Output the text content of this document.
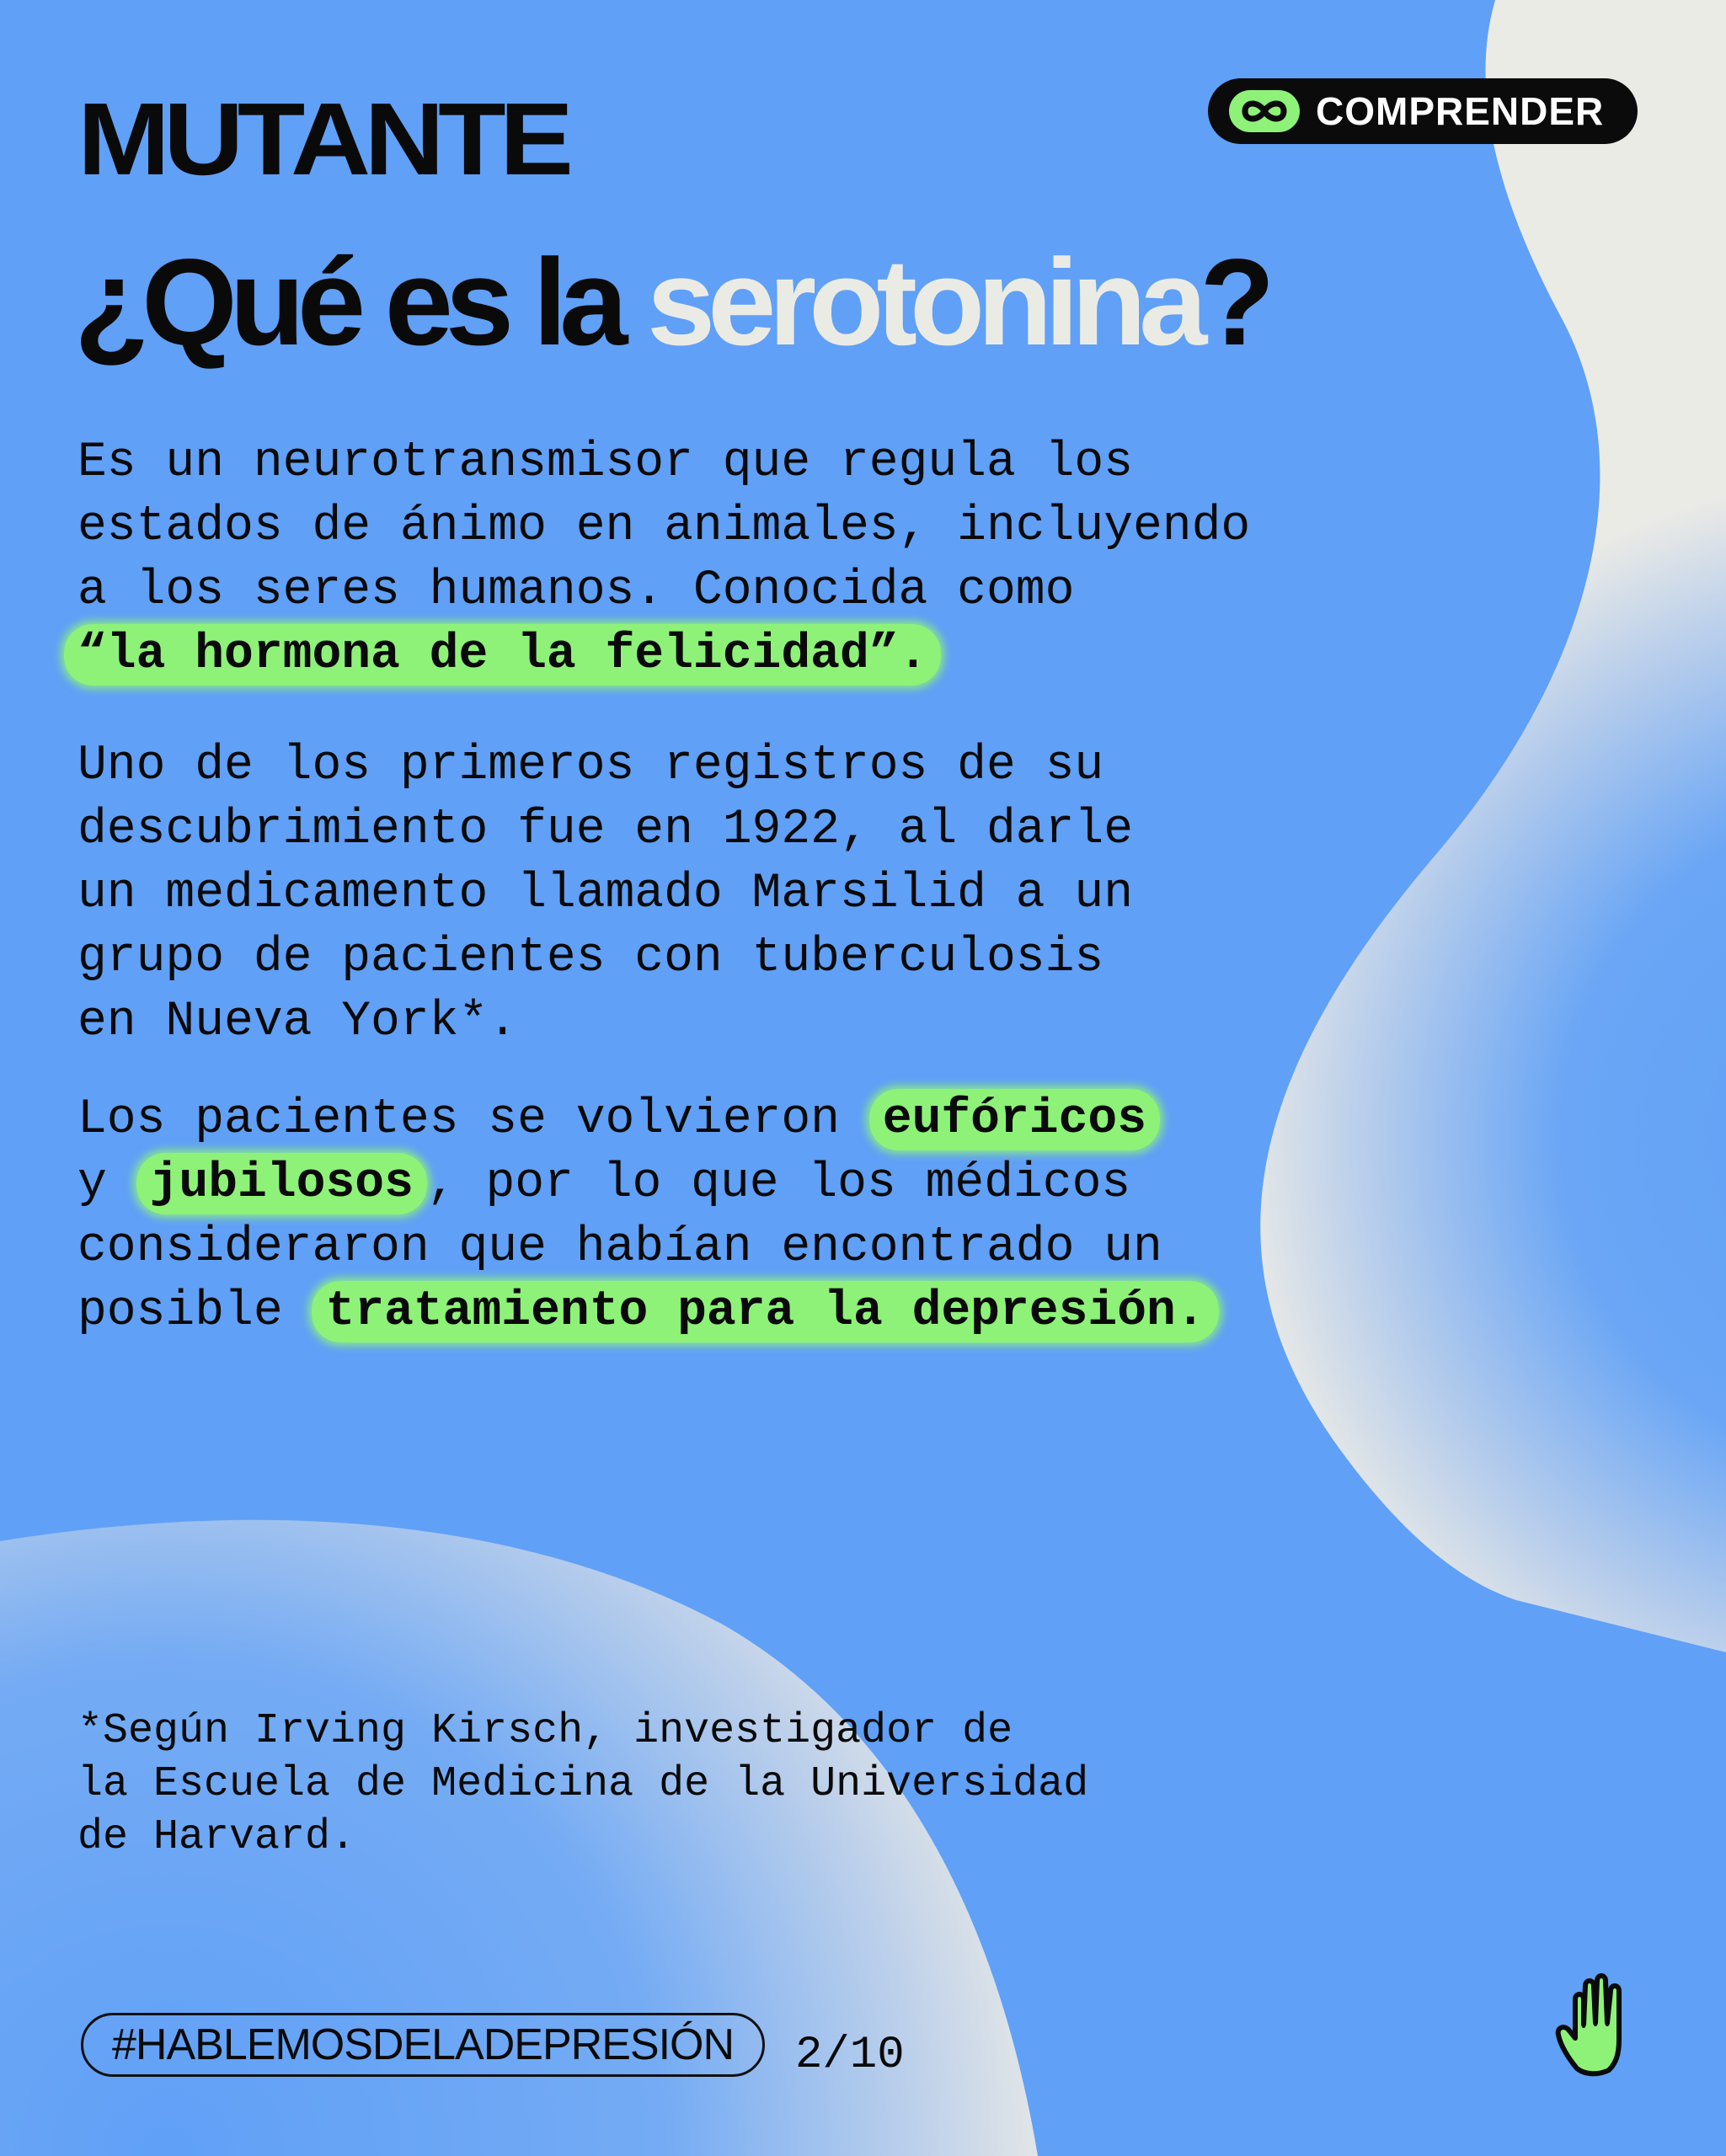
MUTANTE	COMPRENDER
¿Qué es la serotonina?
Es un neurotransmisor que regula los
estados de ánimo en animales, incluyendo
a los seres humanos. Conocida como
“la hormona de la felicidad”.
Uno de los primeros registros de su
descubrimiento fue en 1922, al darle
un medicamento llamado Marsilid a un
grupo de pacientes con tuberculosis
en Nueva York*.
Los pacientes se volvieron eufóricos
y jubilosos , por lo que los médicos
consideraron que habían encontrado un
posible tratamiento para la depresión.
*Según Irving Kirsch, investigador de
la Escuela de Medicina de la Universidad
de Harvard.
#HABLEMOSDELADEPRESIÓN	2/10
